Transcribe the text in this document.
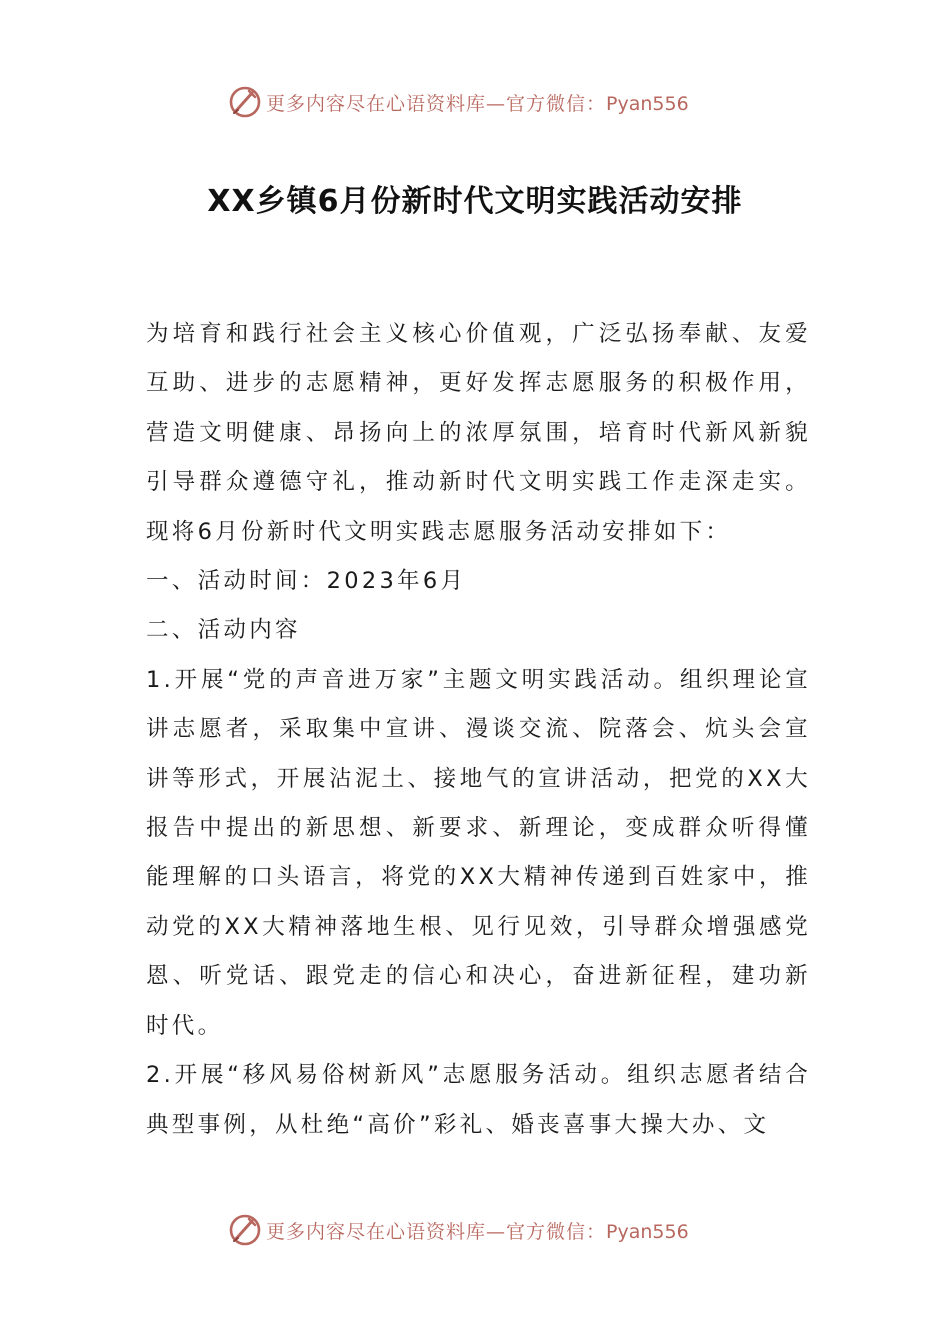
更多内容尽在心语资料库—官方微信：Pyan556
XX乡镇6月份新时代文明实践活动安排

为培育和践行社会主义核心价值观，广泛弘扬奉献、友爱互助、进步的志愿精神，更好发挥志愿服务的积极作用，营造文明健康、昂扬向上的浓厚氛围，培育时代新风新貌引导群众遵德守礼，推动新时代文明实践工作走深走实。现将6月份新时代文明实践志愿服务活动安排如下：

一、活动时间：2023年6月

二、活动内容

1.开展“党的声音进万家”主题文明实践活动。组织理论宣讲志愿者，采取集中宣讲、漫谈交流、院落会、炕头会宣讲等形式，开展沾泥土、接地气的宣讲活动，把党的XX大报告中提出的新思想、新要求、新理论，变成群众听得懂能理解的口头语言，将党的XX大精神传递到百姓家中，推动党的XX大精神落地生根、见行见效，引导群众增强感党恩、听党话、跟党走的信心和决心，奋进新征程，建功新时代。

2.开展“移风易俗树新风”志愿服务活动。组织志愿者结合典型事例，从杜绝“高价”彩礼、婚丧喜事大操大办、文

更多内容尽在心语资料库—官方微信：Pyan556
